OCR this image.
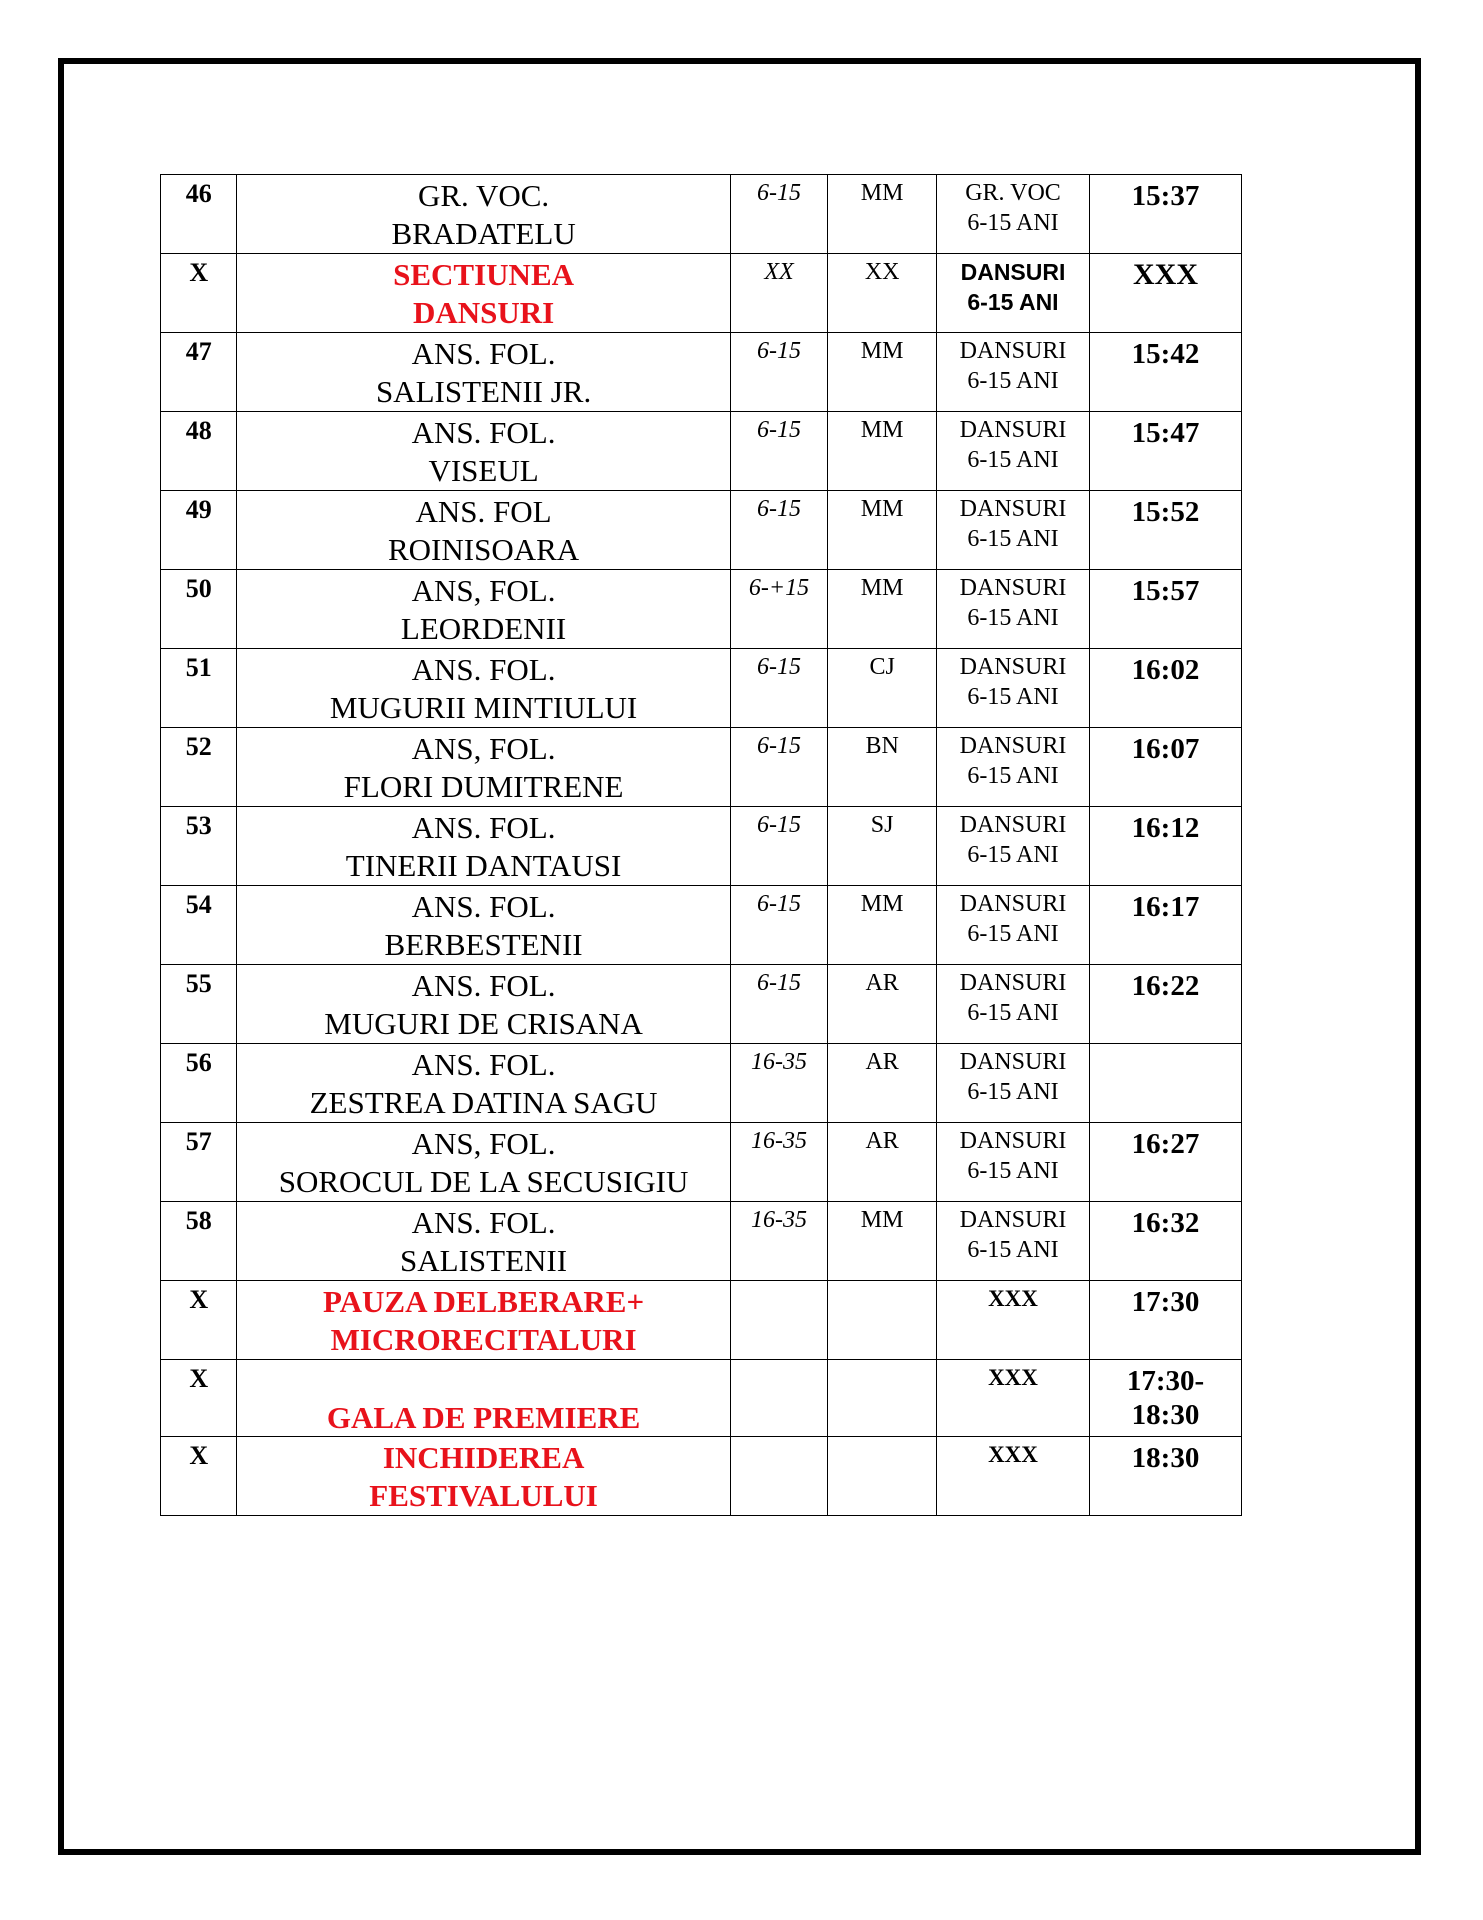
46	GR. VOC.
BRADATELU	6-15	MM	GR. VOC
6-15 ANI	15:37

X	SECTIUNEA
DANSURI	XX	XX	DANSURI
6-15 ANI	XXX

47	ANS. FOL.
SALISTENII JR.	6-15	MM	DANSURI
6-15 ANI	15:42

48	ANS. FOL.
VISEUL	6-15	MM	DANSURI
6-15 ANI	15:47

49	ANS. FOL
ROINISOARA	6-15	MM	DANSURI
6-15 ANI	15:52

50	ANS, FOL.
LEORDENII	6-+15	MM	DANSURI
6-15 ANI	15:57

51	ANS. FOL.
MUGURII MINTIULUI	6-15	CJ	DANSURI
6-15 ANI	16:02

52	ANS, FOL.
FLORI DUMITRENE	6-15	BN	DANSURI
6-15 ANI	16:07

53	ANS. FOL.
TINERII DANTAUSI	6-15	SJ	DANSURI
6-15 ANI	16:12

54	ANS. FOL.
BERBESTENII	6-15	MM	DANSURI
6-15 ANI	16:17

55	ANS. FOL.
MUGURI DE CRISANA	6-15	AR	DANSURI
6-15 ANI	16:22

56	ANS. FOL.
ZESTREA DATINA SAGU	16-35	AR	DANSURI
6-15 ANI	

57	ANS, FOL.
SOROCUL DE LA SECUSIGIU	16-35	AR	DANSURI
6-15 ANI	16:27

58	ANS. FOL.
SALISTENII	16-35	MM	DANSURI
6-15 ANI	16:32

X	PAUZA DELBERARE+
MICRORECITALURI			XXX	17:30

X	GALA DE PREMIERE			XXX	17:30-
18:30

X	INCHIDEREA
FESTIVALULUI			XXX	18:30
